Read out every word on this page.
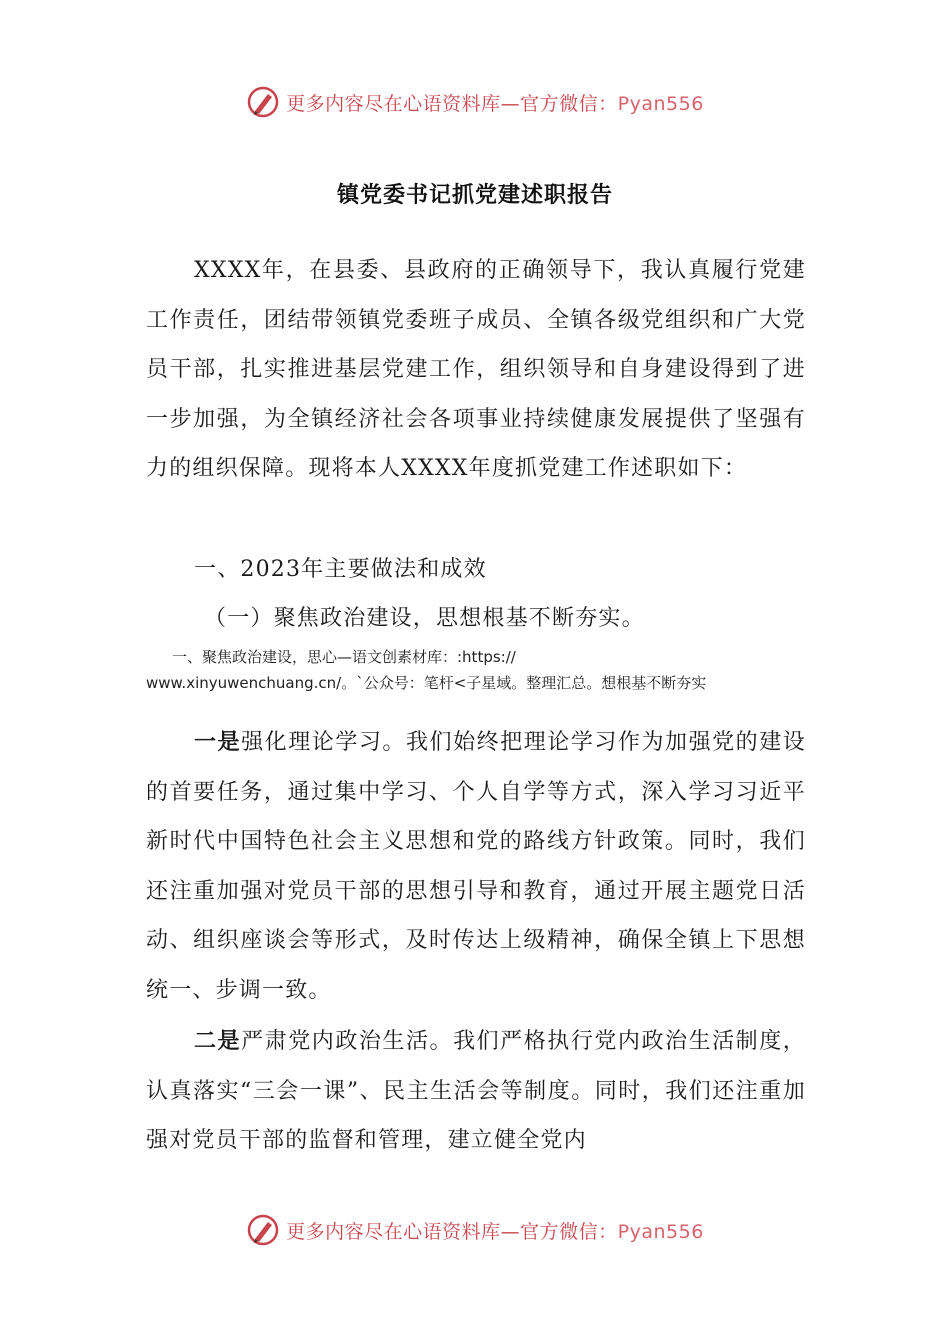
更多内容尽在心语资料库—官方微信：Pyan556
镇党委书记抓党建述职报告

XXXX年，在县委、县政府的正确领导下，我认真履行党建工作责任，团结带领镇党委班子成员、全镇各级党组织和广大党员干部，扎实推进基层党建工作，组织领导和自身建设得到了进一步加强，为全镇经济社会各项事业持续健康发展提供了坚强有力的组织保障。现将本人XXXX年度抓党建工作述职如下：

一、2023年主要做法和成效

（一）聚焦政治建设，思想根基不断夯实。

一、聚焦政治建设，思心—语文创素材库：:https://
www.xinyuwenchuang.cn/。`公众号：笔杆<子星域。整理汇总。想根基不断夯实

一是强化理论学习。我们始终把理论学习作为加强党的建设的首要任务，通过集中学习、个人自学等方式，深入学习习近平新时代中国特色社会主义思想和党的路线方针政策。同时，我们还注重加强对党员干部的思想引导和教育，通过开展主题党日活动、组织座谈会等形式，及时传达上级精神，确保全镇上下思想统一、步调一致。

二是严肃党内政治生活。我们严格执行党内政治生活制度，认真落实“三会一课”、民主生活会等制度。同时，我们还注重加强对党员干部的监督和管理，建立健全党内

更多内容尽在心语资料库—官方微信：Pyan556
